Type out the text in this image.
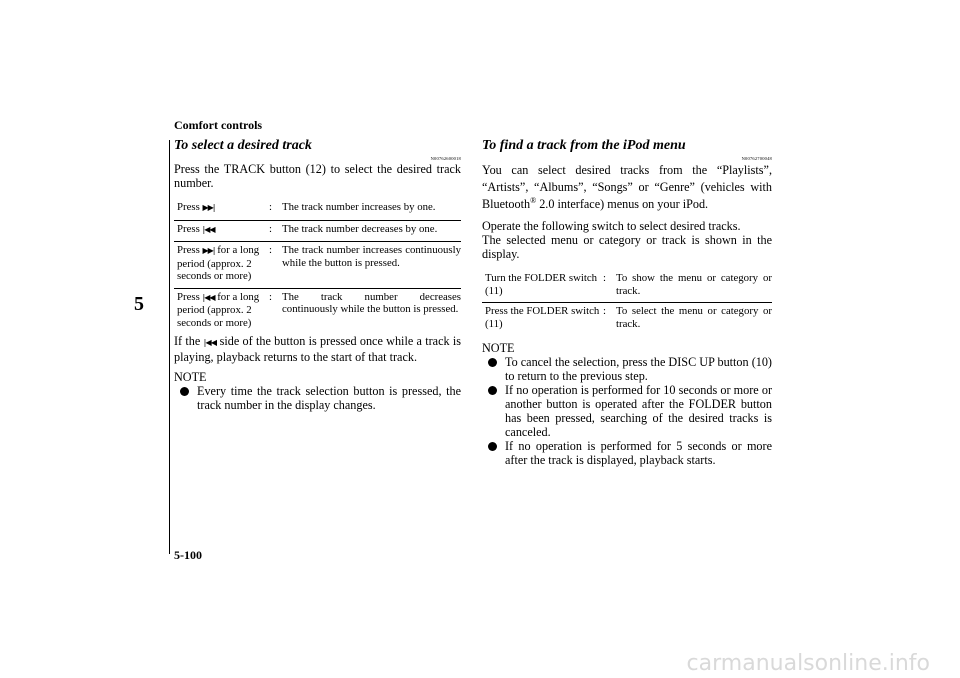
Comfort controls
5
To select a desired track
N00762600018

Press the TRACK button (12) to select the desired track number.

Press ▶▶|	:	The track number increases by one.
Press |◀◀	:	The track number decreases by one.
Press ▶▶| for a long period (approx. 2 seconds or more)	:	The track number increases continuously while the button is pressed.
Press |◀◀ for a long period (approx. 2 seconds or more)	:	The track number decreases continuously while the button is pressed.

If the |◀◀ side of the button is pressed once while a track is playing, playback returns to the start of that track.

NOTE
Every time the track selection button is pressed, the track number in the display changes.
To find a track from the iPod menu
N00762700048

You can select desired tracks from the “Playlists”, “Artists”, “Albums”, “Songs” or “Genre” (vehicles with Bluetooth® 2.0 interface) menus on your iPod.

Operate the following switch to select desired tracks.

The selected menu or category or track is shown in the display.

Turn the FOLDER switch (11)	:	To show the menu or category or track.
Press the FOLDER switch (11)	:	To select the menu or category or track.
NOTE
To cancel the selection, press the DISC UP button (10) to return to the previous step.
If no operation is performed for 10 seconds or more or another button is operated after the FOLDER button has been pressed, searching of the desired tracks is canceled.
If no operation is performed for 5 seconds or more after the track is displayed, playback starts.
5-100
carmanualsonline.info
